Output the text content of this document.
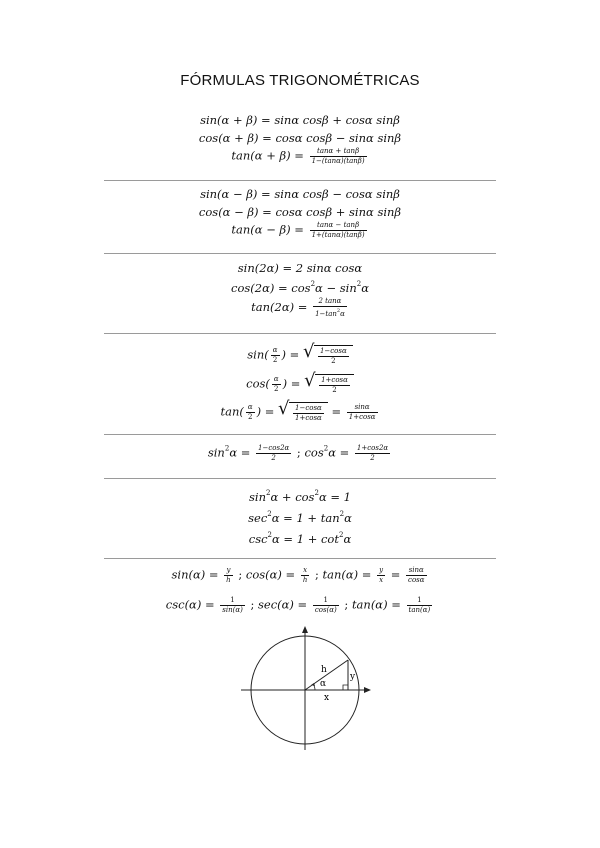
FÓRMULAS TRIGONOMÉTRICAS
sin(α + β) = sinα cosβ + cosα sinβ
cos(α + β) = cosα cosβ − sinα sinβ
$\tan(\alpha + \beta) = \frac{\tan\alpha + \tan\beta}{1-(\tan\alpha)(\tan\beta)}$
sin(α − β) = sinα cosβ − cosα sinβ
cos(α − β) = cosα cosβ + sinα sinβ
$\tan(\alpha - \beta) = \frac{\tan\alpha - \tan\beta}{1+(\tan\alpha)(\tan\beta)}$
sin(2α) = 2 sinα cosα
$\cos(2\alpha) = \cos^2\alpha - \sin^2\alpha$
$\tan(2\alpha) = \frac{2 \tan\alpha}{1-\tan^2\alpha}$
$\sin( \frac{\alpha}{2}$ ) = √ $\frac{1-\cos\alpha}{2}$
$\cos( \frac{\alpha}{2}$ ) = √ $\frac{1+\cos\alpha}{2}$
$\tan( \frac{\alpha}{2}$ ) = √ $\frac{1-\cos\alpha}{1+\cos\alpha} = \frac{\sin\alpha}{1+\cos\alpha}$
$\sin^2\alpha = \frac{1-\cos 2\alpha}{2}$ ; $\cos^2\alpha = \frac{1+\cos 2\alpha}{2}$
$\sin^2\alpha + \cos^2\alpha = 1$
$\sec^2\alpha = 1 + \tan^2\alpha$
$\csc^2\alpha = 1 + \cot^2\alpha$
$\sin(\alpha) = \frac{y}{h}$ ; $\cos(\alpha) = \frac{x}{h}$ ; $\tan(\alpha) = \frac{y}{x} = \frac{\sin\alpha}{\cos\alpha}$
$\csc(\alpha) = \frac{1}{\sin(\alpha)}$ ; $\sec(\alpha) = \frac{1}{\cos(\alpha)}$ ; $\tan(\alpha) = \frac{1}{\tan(\alpha)}$
h
y
α
x
